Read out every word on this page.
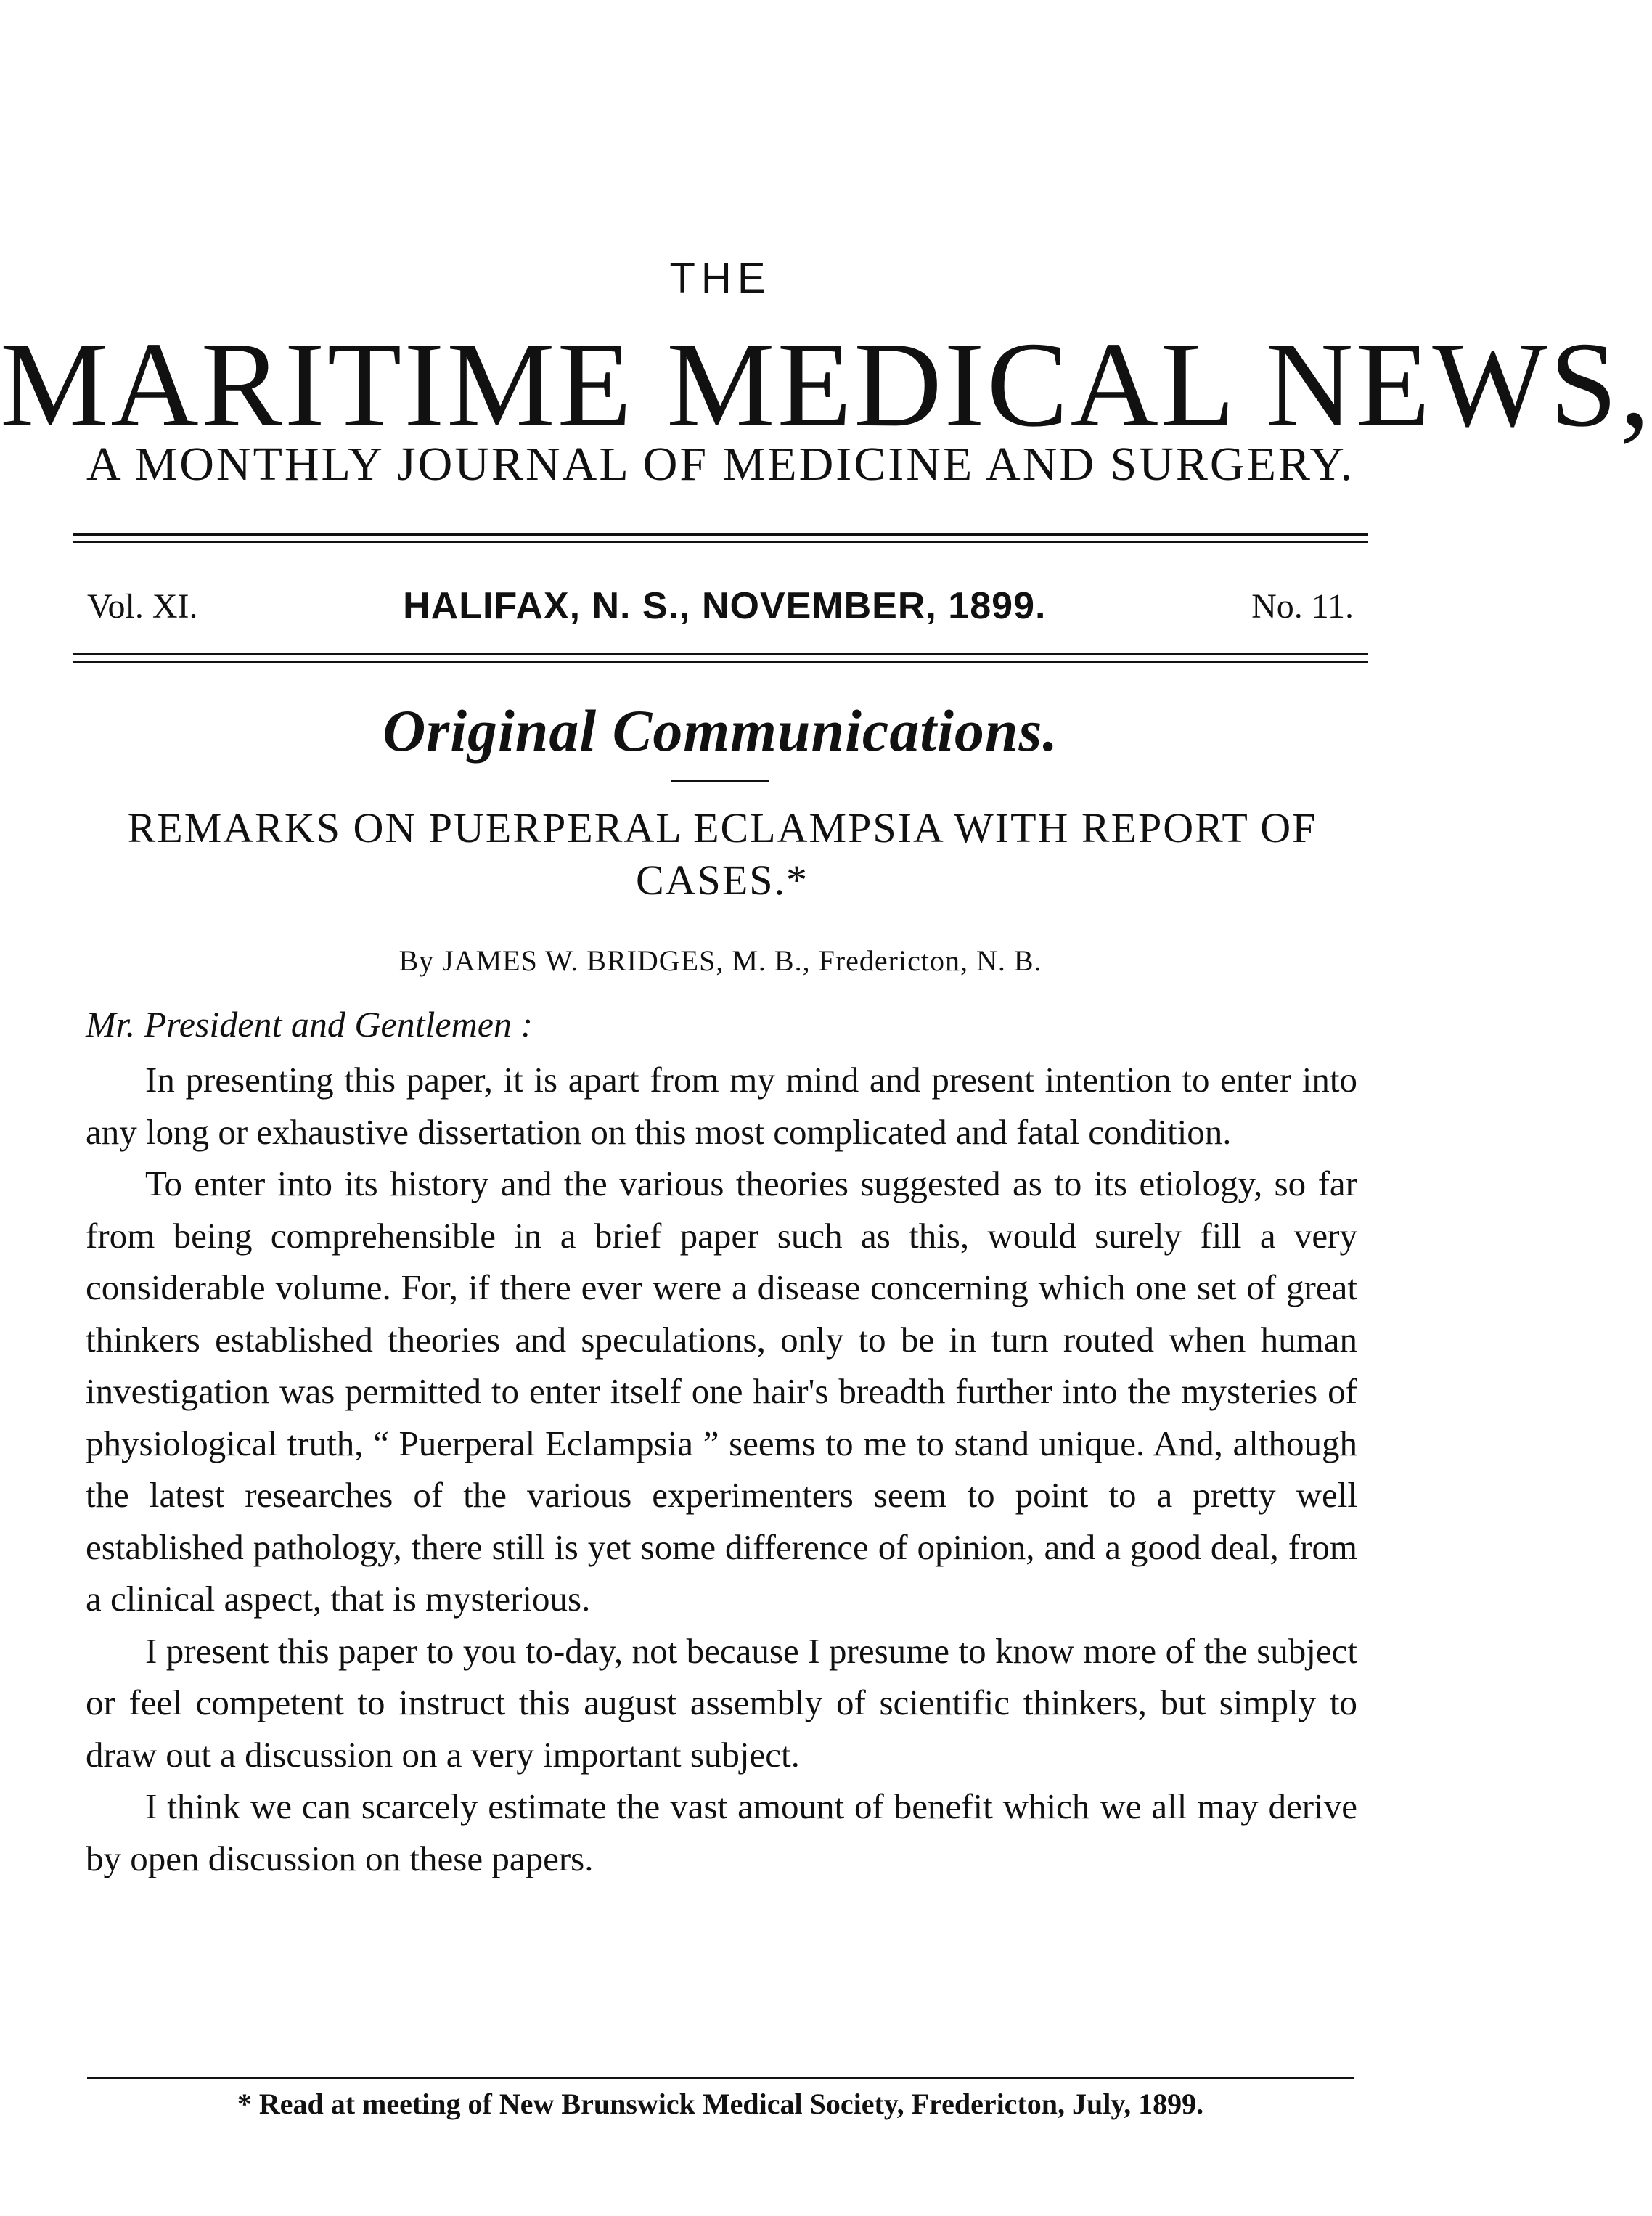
THE
MARITIME MEDICAL NEWS,
A MONTHLY JOURNAL OF MEDICINE AND SURGERY.
Vol. XI.	HALIFAX, N. S., NOVEMBER, 1899.	No. 11.
Original Communications.
REMARKS ON PUERPERAL ECLAMPSIA WITH REPORT OF CASES.*
By JAMES W. BRIDGES, M. B., Fredericton, N. B.
Mr. President and Gentlemen :

In presenting this paper, it is apart from my mind and present intention to enter into any long or exhaustive dissertation on this most complicated and fatal condition.

To enter into its history and the various theories suggested as to its etiology, so far from being comprehensible in a brief paper such as this, would surely fill a very considerable volume. For, if there ever were a disease concerning which one set of great thinkers established theories and speculations, only to be in turn routed when human investigation was permitted to enter itself one hair's breadth further into the mysteries of physiological truth, “ Puerperal Eclampsia ” seems to me to stand unique. And, although the latest researches of the various experimenters seem to point to a pretty well established pathology, there still is yet some difference of opinion, and a good deal, from a clinical aspect, that is mysterious.

I present this paper to you to-day, not because I presume to know more of the subject or feel competent to instruct this august assembly of scientific thinkers, but simply to draw out a discussion on a very important subject.

I think we can scarcely estimate the vast amount of benefit which we all may derive by open discussion on these papers.

* Read at meeting of New Brunswick Medical Society, Fredericton, July, 1899.
